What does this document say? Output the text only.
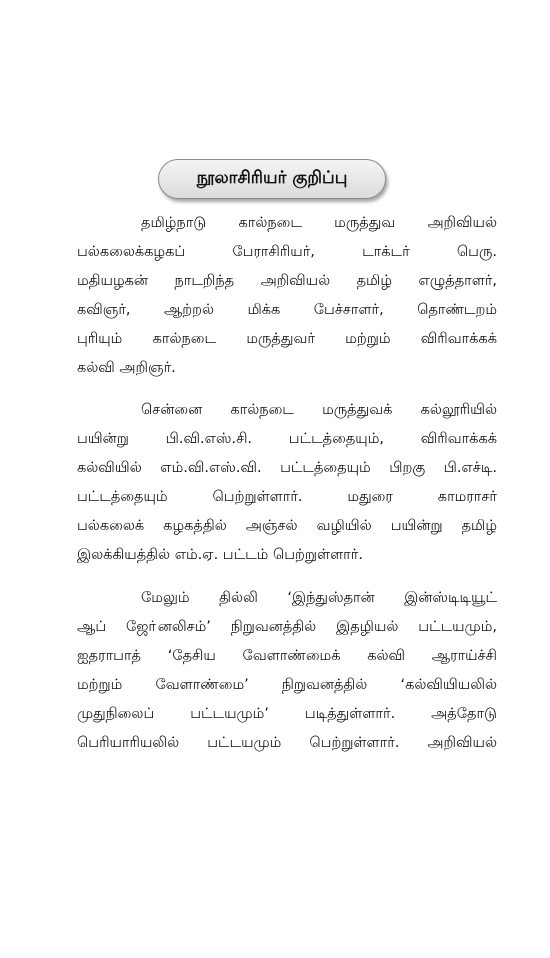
நூலாசிரியர் குறிப்பு
தமிழ்நாடு கால்நடை மருத்துவ அறிவியல்
பல்கலைக்கழகப் பேராசிரியர், டாக்டர் பெரு.
மதியழகன் நாடறிந்த அறிவியல் தமிழ் எழுத்தாளர்,
கவிஞர், ஆற்றல் மிக்க பேச்சாளர், தொண்டறம்
புரியும் கால்நடை மருத்துவர் மற்றும் விரிவாக்கக்
கல்வி அறிஞர்.
சென்னை கால்நடை மருத்துவக் கல்லூரியில்
பயின்று பி.வி.எஸ்.சி. பட்டத்தையும், விரிவாக்கக்
கல்வியில் எம்.வி.எஸ்.வி. பட்டத்தையும் பிறகு பி.எச்டி.
பட்டத்தையும் பெற்றுள்ளார். மதுரை காமராசர்
பல்கலைக் கழகத்தில் அஞ்சல் வழியில் பயின்று தமிழ்
இலக்கியத்தில் எம்.ஏ. பட்டம் பெற்றுள்ளார்.
மேலும் தில்லி ‘இந்துஸ்தான் இன்ஸ்டிடியூட்
ஆப் ஜோ்னலிசம்’ நிறுவனத்தில் இதழியல் பட்டயமும்,
ஐதராபாத் ‘தேசிய வேளாண்மைக் கல்வி ஆராய்ச்சி
மற்றும் வேளாண்மை’ நிறுவனத்தில் ‘கல்வியியலில்
முதுநிலைப் பட்டயமும்’ படித்துள்ளார். அத்தோடு
பெரியாரியலில் பட்டயமும் பெற்றுள்ளார். அறிவியல்
